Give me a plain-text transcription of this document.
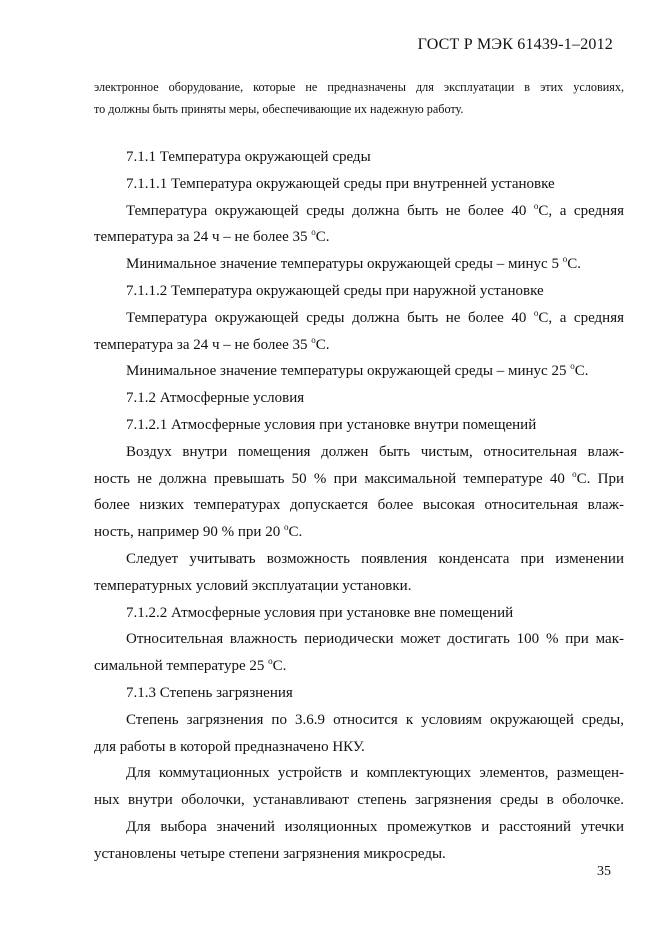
ГОСТ Р МЭК 61439-1–2012
электронное оборудование, которые не предназначены для эксплуатации в этих условиях,
то должны быть приняты меры, обеспечивающие их надежную работу.
7.1.1 Температура окружающей среды
7.1.1.1 Температура окружающей среды при внутренней установке
Температура окружающей среды должна быть не более 40 $^o$С, а средняя
температура за 24 ч – не более 35 $^o$С.
Минимальное значение температуры окружающей среды – минус 5 $^o$С.
7.1.1.2 Температура окружающей среды при наружной установке
Температура окружающей среды должна быть не более 40 $^o$С, а средняя
температура за 24 ч – не более 35 $^o$С.
Минимальное значение температуры окружающей среды – минус 25 $^o$С.
7.1.2 Атмосферные условия
7.1.2.1 Атмосферные условия при установке внутри помещений
Воздух внутри помещения должен быть чистым, относительная влаж-
ность не должна превышать 50 % при максимальной температуре 40 $^o$С. При
более низких температурах допускается более высокая относительная влаж-
ность, например 90 % при 20 $^o$С.
Следует учитывать возможность появления конденсата при изменении
температурных условий эксплуатации установки.
7.1.2.2 Атмосферные условия при установке вне помещений
Относительная влажность периодически может достигать 100 % при мак-
симальной температуре 25 $^o$С.
7.1.3 Степень загрязнения
Степень загрязнения по 3.6.9 относится к условиям окружающей среды,
для работы в которой предназначено НКУ.
Для коммутационных устройств и комплектующих элементов, размещен-
ных внутри оболочки, устанавливают степень загрязнения среды в оболочке.
Для выбора значений изоляционных промежутков и расстояний утечки
установлены четыре степени загрязнения микросреды.
35
